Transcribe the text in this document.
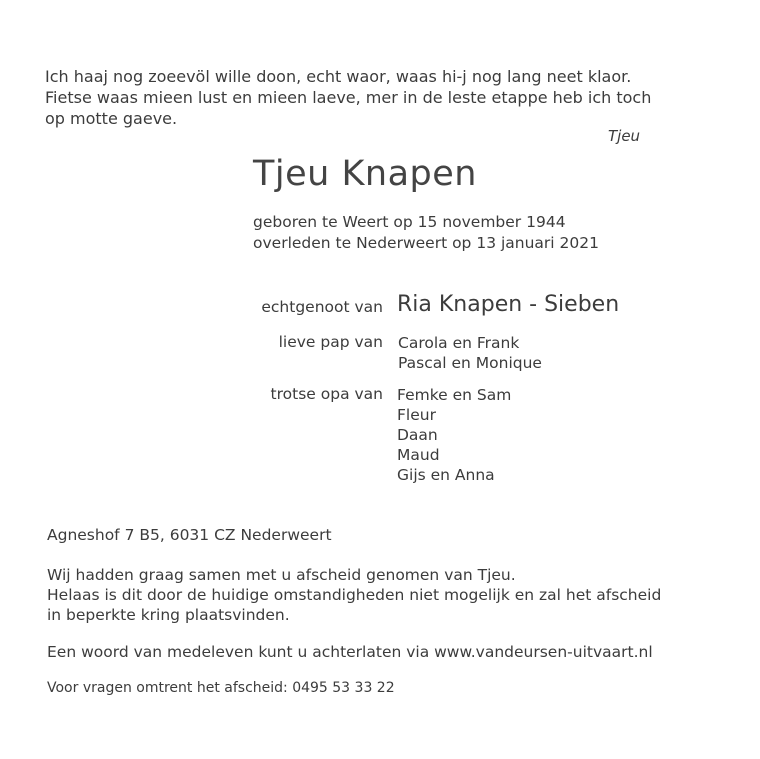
Ich haaj nog zoeevöl wille doon, echt waor, waas hi-j nog lang neet klaor.
Fietse waas mieen lust en mieen laeve, mer in de leste etappe heb ich toch
op motte gaeve.
Tjeu
Tjeu Knapen
geboren te Weert op 15 november 1944
overleden te Nederweert op 13 januari 2021
echtgenoot van Ria Knapen - Sieben
lieve pap van Carola en Frank
Pascal en Monique
trotse opa van Femke en Sam
Fleur
Daan
Maud
Gijs en Anna
Agneshof 7 B5, 6031 CZ Nederweert
Wij hadden graag samen met u afscheid genomen van Tjeu.
Helaas is dit door de huidige omstandigheden niet mogelijk en zal het afscheid
in beperkte kring plaatsvinden.
Een woord van medeleven kunt u achterlaten via www.vandeursen-uitvaart.nl
Voor vragen omtrent het afscheid: 0495 53 33 22
